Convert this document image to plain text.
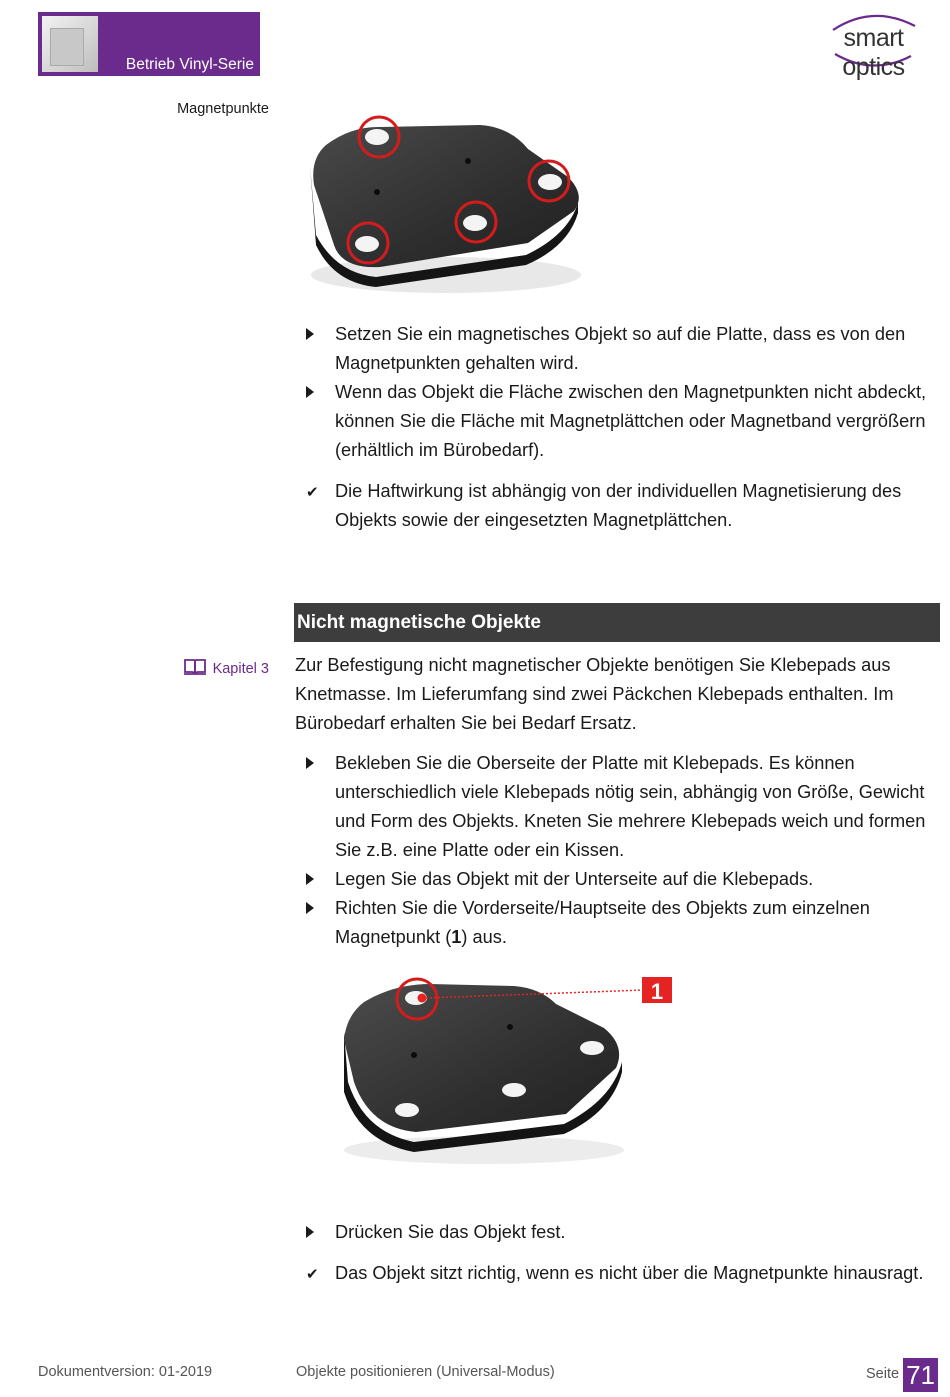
Betrieb Vinyl-Serie
smart optics
Magnetpunkte
Setzen Sie ein magnetisches Objekt so auf die Platte, dass es von den Magnetpunkten gehalten wird.
Wenn das Objekt die Fläche zwischen den Magnetpunkten nicht abdeckt, können Sie die Fläche mit Magnetplättchen oder Magnetband vergrößern (erhältlich im Bürobedarf).
✔ Die Haftwirkung ist abhängig von der individuellen Magnetisierung des Objekts sowie der eingesetzten Magnetplättchen.
Nicht magnetische Objekte
Kapitel 3 Zur Befestigung nicht magnetischer Objekte benötigen Sie Klebepads aus Knetmasse. Im Lieferumfang sind zwei Päckchen Klebepads enthalten. Im Bürobedarf erhalten Sie bei Bedarf Ersatz.
Bekleben Sie die Oberseite der Platte mit Klebepads. Es können unterschiedlich viele Klebepads nötig sein, abhängig von Größe, Gewicht und Form des Objekts. Kneten Sie mehrere Klebepads weich und formen Sie z.B. eine Platte oder ein Kissen.
Legen Sie das Objekt mit der Unterseite auf die Klebepads.
Richten Sie die Vorderseite/Hauptseite des Objekts zum einzelnen Magnetpunkt (1) aus.
1
Drücken Sie das Objekt fest.
✔ Das Objekt sitzt richtig, wenn es nicht über die Magnetpunkte hinausragt.
Dokumentversion: 01-2019	Objekte positionieren (Universal-Modus)	Seite 71
